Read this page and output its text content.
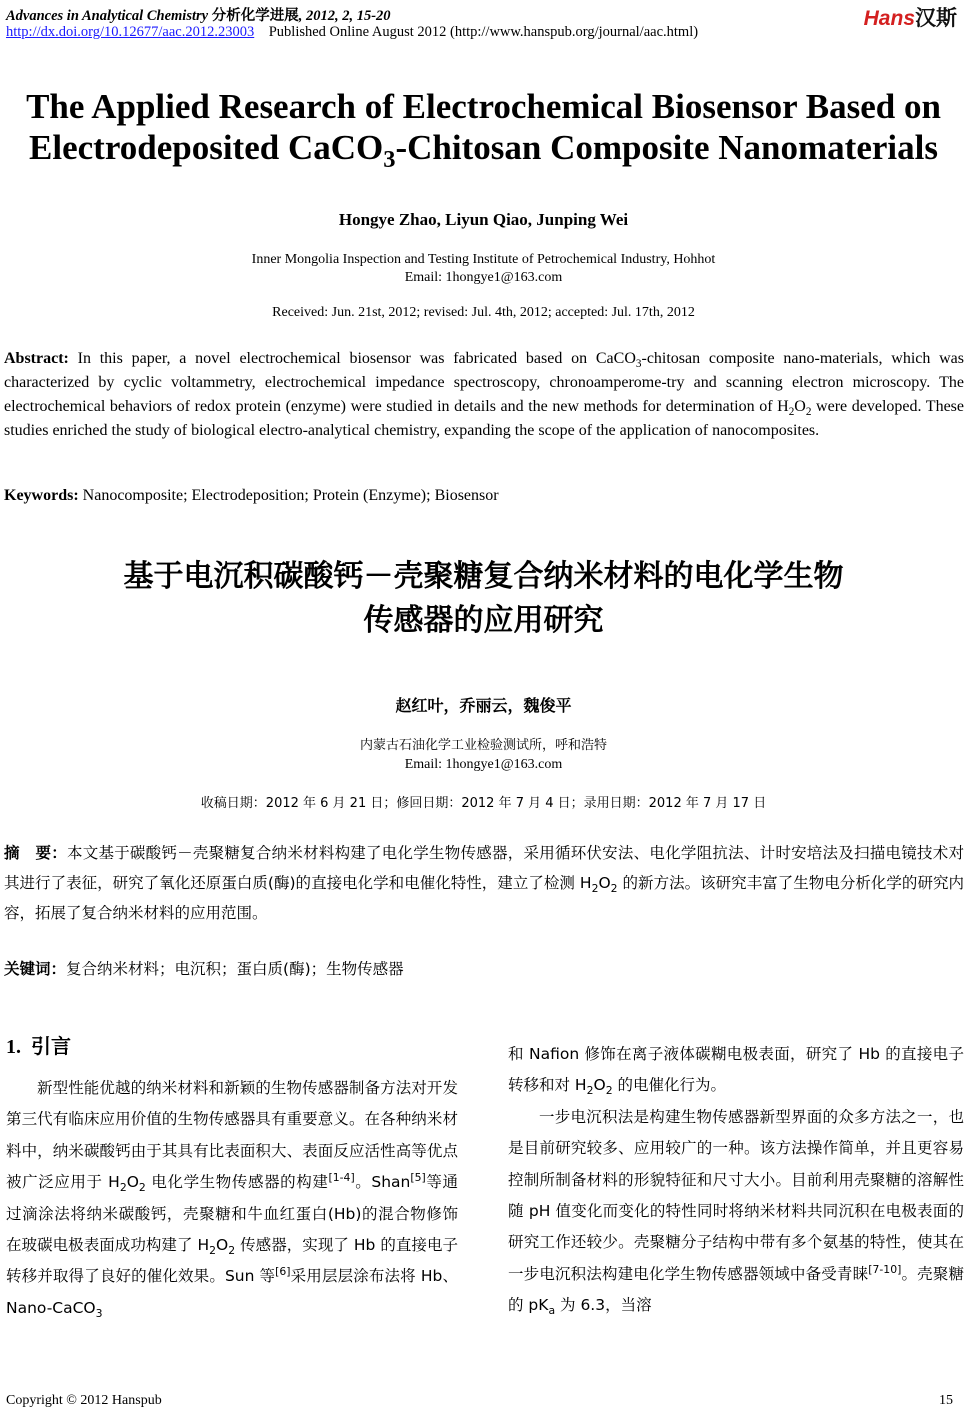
Advances in Analytical Chemistry 分析化学进展, 2012, 2, 15-20
http://dx.doi.org/10.12677/aac.2012.23003 Published Online August 2012 (http://www.hanspub.org/journal/aac.html)
Hans汉斯
The Applied Research of Electrochemical Biosensor Based on
Electrodeposited CaCO$_3$-Chitosan Composite Nanomaterials
Hongye Zhao, Liyun Qiao, Junping Wei
Inner Mongolia Inspection and Testing Institute of Petrochemical Industry, Hohhot
Email: 1hongye1@163.com
Received: Jun. 21st, 2012; revised: Jul. 4th, 2012; accepted: Jul. 17th, 2012
Abstract: In this paper, a novel electrochemical biosensor was fabricated based on CaCO$_3$-chitosan composite nano-materials, which was characterized by cyclic voltammetry, electrochemical impedance spectroscopy, chronoamperome-try and scanning electron microscopy. The electrochemical behaviors of redox protein (enzyme) were studied in details and the new methods for determination of $H_2O_2$ were developed. These studies enriched the study of biological electro-analytical chemistry, expanding the scope of the application of nanocomposites.
Keywords: Nanocomposite; Electrodeposition; Protein (Enzyme); Biosensor
基于电沉积碳酸钙－壳聚糖复合纳米材料的电化学生物
传感器的应用研究
赵红叶，乔丽云，魏俊平
内蒙古石油化学工业检验测试所，呼和浩特
Email: 1hongye1@163.com
收稿日期：2012 年 6 月 21 日；修回日期：2012 年 7 月 4 日；录用日期：2012 年 7 月 17 日
摘　要：本文基于碳酸钙－壳聚糖复合纳米材料构建了电化学生物传感器，采用循环伏安法、电化学阻抗法、计时安培法及扫描电镜技术对其进行了表征，研究了氧化还原蛋白质(酶)的直接电化学和电催化特性，建立了检测 $H_2O_2$ 的新方法。该研究丰富了生物电分析化学的研究内容，拓展了复合纳米材料的应用范围。
关键词：复合纳米材料；电沉积；蛋白质(酶)；生物传感器
1. 引言
新型性能优越的纳米材料和新颖的生物传感器制备方法对开发第三代有临床应用价值的生物传感器具有重要意义。在各种纳米材料中，纳米碳酸钙由于其具有比表面积大、表面反应活性高等优点被广泛应用于 $H_2O_2$ 电化学生物传感器的构建[1-4]。Shan[5]等通过滴涂法将纳米碳酸钙，壳聚糖和牛血红蛋白(Hb)的混合物修饰在玻碳电极表面成功构建了 $H_2O_2$ 传感器，实现了 Hb 的直接电子转移并取得了良好的催化效果。Sun 等[6]采用层层涂布法将 Hb、Nano-CaCO$_3$

和 Nafion 修饰在离子液体碳糊电极表面，研究了 Hb 的直接电子转移和对 $H_2O_2$ 的电催化行为。

一步电沉积法是构建生物传感器新型界面的众多方法之一，也是目前研究较多、应用较广的一种。该方法操作简单，并且更容易控制所制备材料的形貌特征和尺寸大小。目前利用壳聚糖的溶解性随 pH 值变化而变化的特性同时将纳米材料共同沉积在电极表面的研究工作还较少。壳聚糖分子结构中带有多个氨基的特性，使其在一步电沉积法构建电化学生物传感器领域中备受青睐[7-10]。壳聚糖的 $pK_a$ 为 6.3，当溶

Copyright © 2012 Hanspub	15
